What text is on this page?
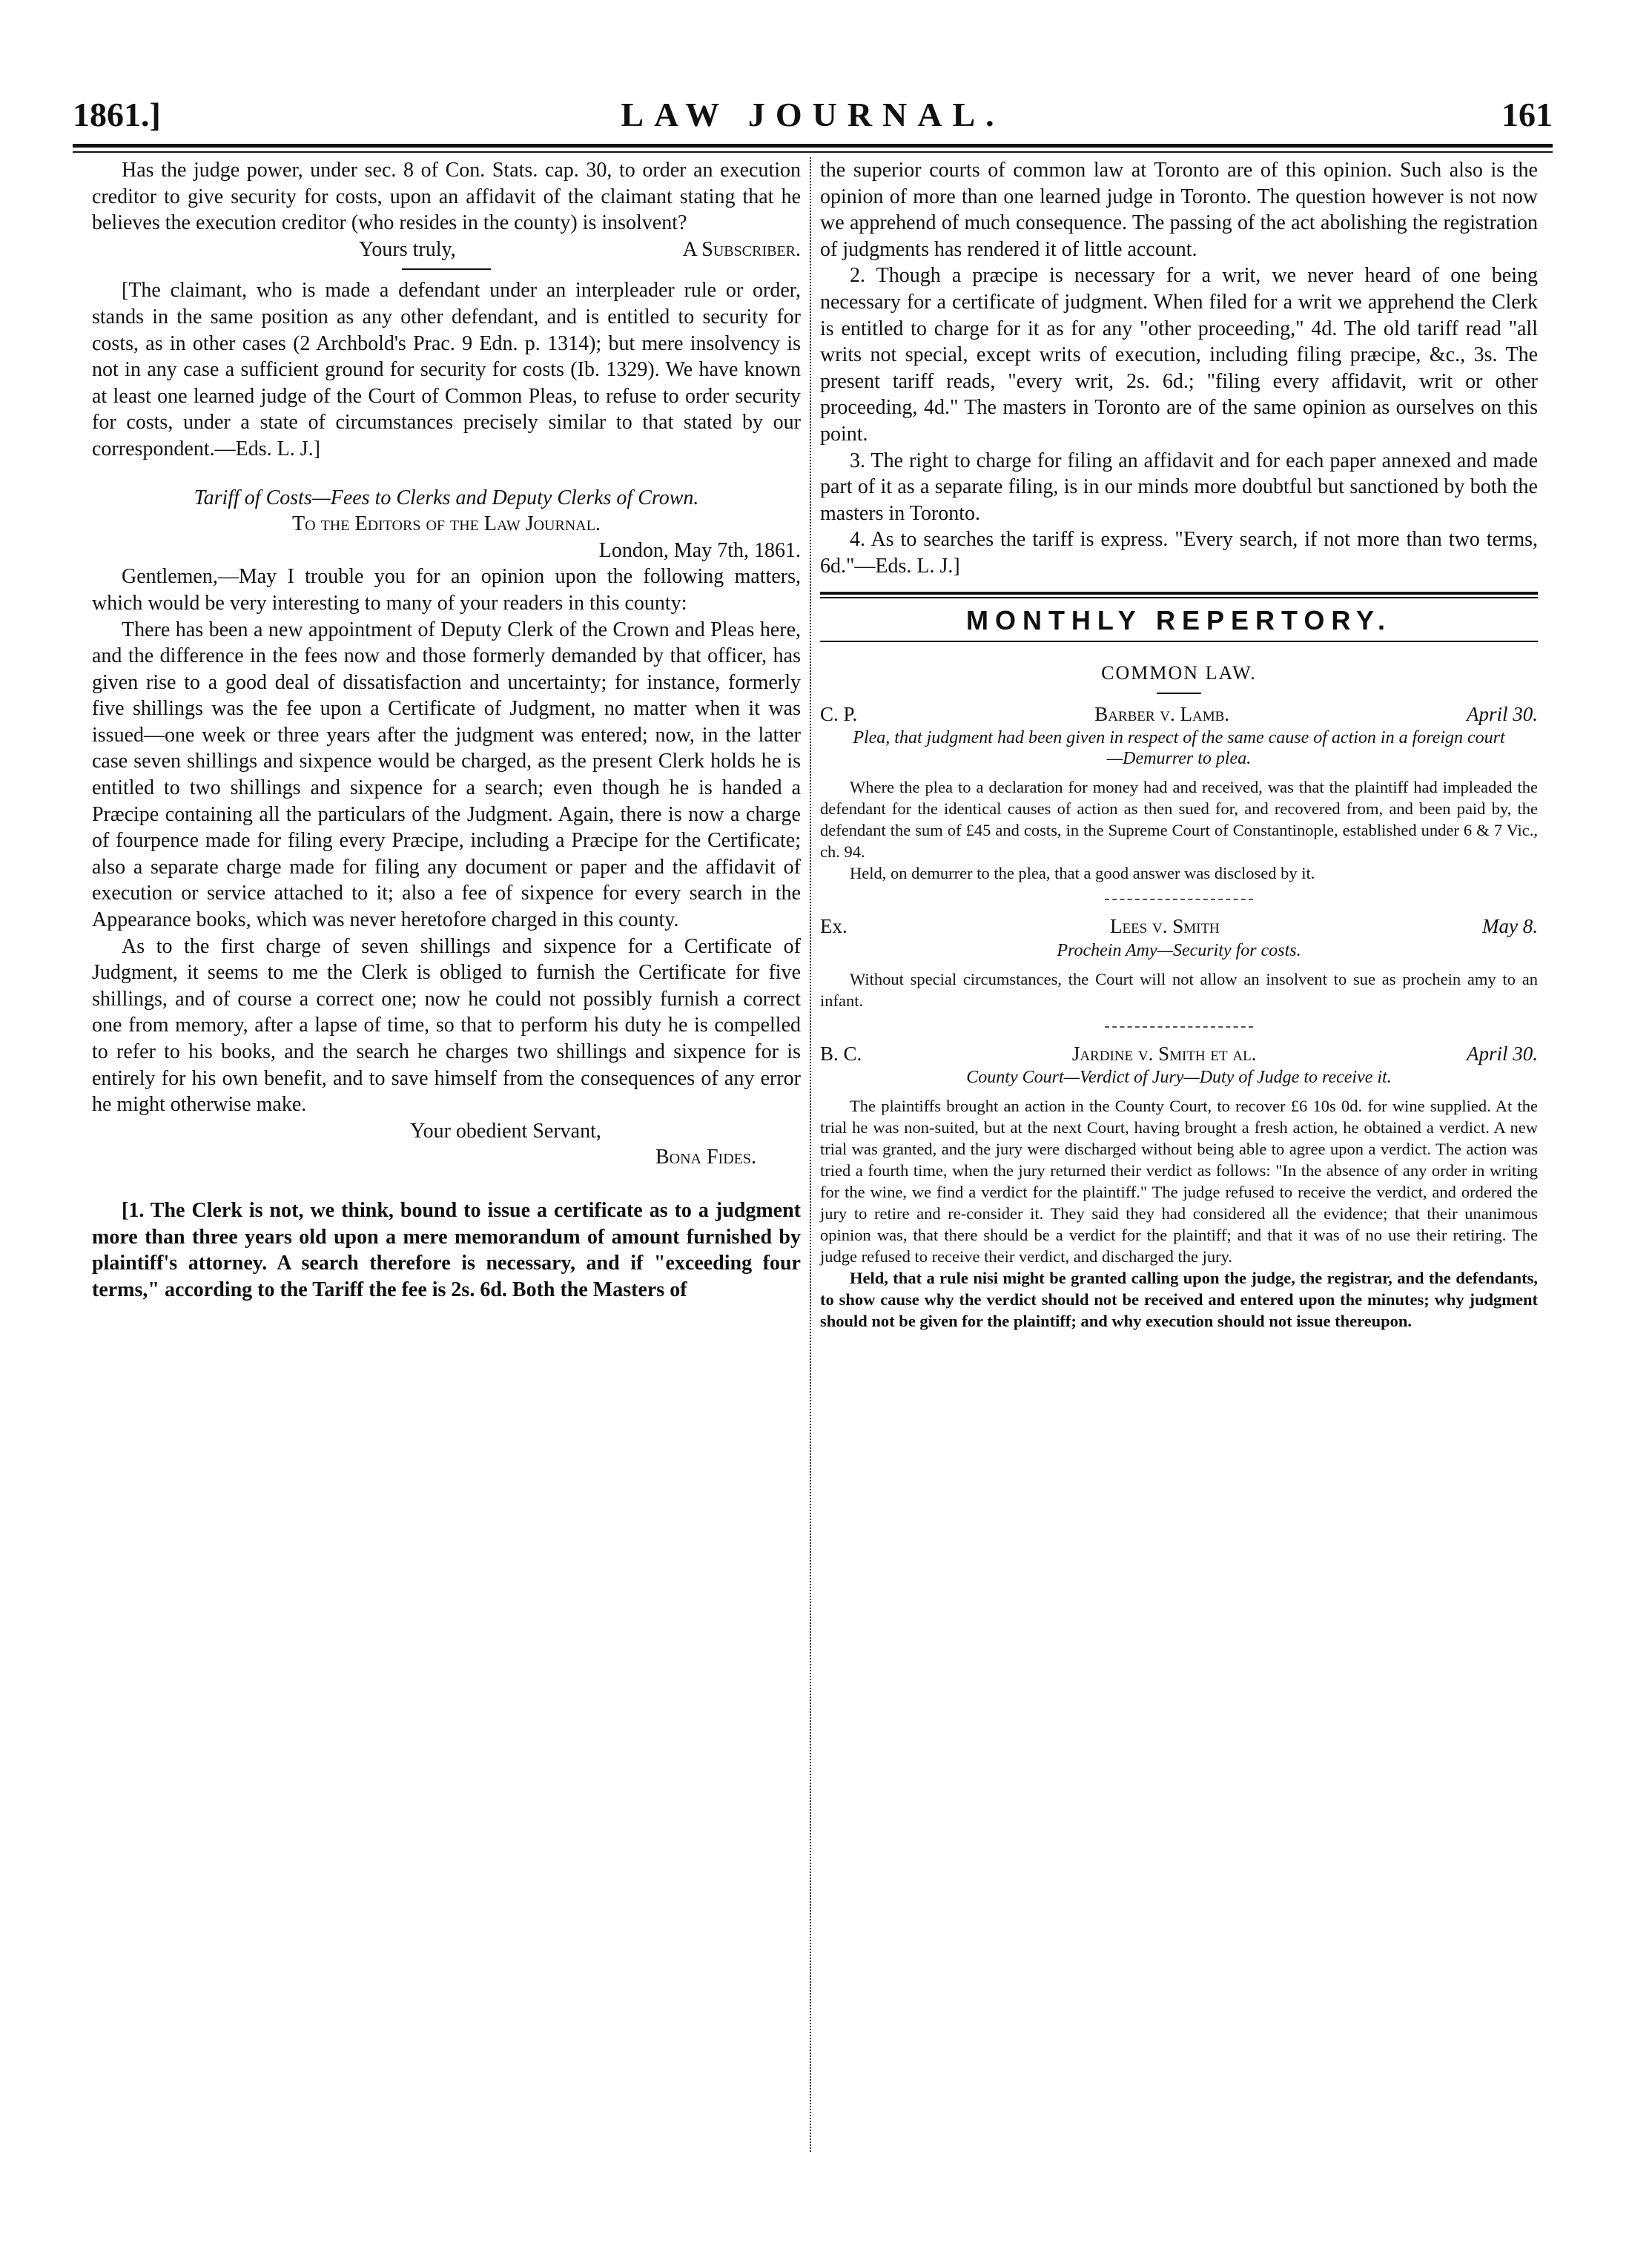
1861.]	LAW JOURNAL.	161

Has the judge power, under sec. 8 of Con. Stats. cap. 30, to order an execution creditor to give security for costs, upon an affidavit of the claimant stating that he believes the execution creditor (who resides in the county) is insolvent?

Yours truly,	A Subscriber.

[The claimant, who is made a defendant under an interpleader rule or order, stands in the same position as any other defendant, and is entitled to security for costs, as in other cases (2 Archbold's Prac. 9 Edn. p. 1314); but mere insolvency is not in any case a sufficient ground for security for costs (Ib. 1329). We have known at least one learned judge of the Court of Common Pleas, to refuse to order security for costs, under a state of circumstances precisely similar to that stated by our correspondent.—Eds. L. J.]

Tariff of Costs—Fees to Clerks and Deputy Clerks of Crown.

To the Editors of the Law Journal.

London, May 7th, 1861.

Gentlemen,—May I trouble you for an opinion upon the following matters, which would be very interesting to many of your readers in this county:

There has been a new appointment of Deputy Clerk of the Crown and Pleas here, and the difference in the fees now and those formerly demanded by that officer, has given rise to a good deal of dissatisfaction and uncertainty; for instance, formerly five shillings was the fee upon a Certificate of Judgment, no matter when it was issued—one week or three years after the judgment was entered; now, in the latter case seven shillings and sixpence would be charged, as the present Clerk holds he is entitled to two shillings and sixpence for a search; even though he is handed a Præcipe containing all the particulars of the Judgment. Again, there is now a charge of fourpence made for filing every Præcipe, including a Præcipe for the Certificate; also a separate charge made for filing any document or paper and the affidavit of execution or service attached to it; also a fee of sixpence for every search in the Appearance books, which was never heretofore charged in this county.

As to the first charge of seven shillings and sixpence for a Certificate of Judgment, it seems to me the Clerk is obliged to furnish the Certificate for five shillings, and of course a correct one; now he could not possibly furnish a correct one from memory, after a lapse of time, so that to perform his duty he is compelled to refer to his books, and the search he charges two shillings and sixpence for is entirely for his own benefit, and to save himself from the consequences of any error he might otherwise make.

Your obedient Servant,

Bona Fides.

[1. The Clerk is not, we think, bound to issue a certificate as to a judgment more than three years old upon a mere memorandum of amount furnished by plaintiff's attorney. A search therefore is necessary, and if "exceeding four terms," according to the Tariff the fee is 2s. 6d. Both the Masters of

the superior courts of common law at Toronto are of this opinion. Such also is the opinion of more than one learned judge in Toronto. The question however is not now we apprehend of much consequence. The passing of the act abolishing the registration of judgments has rendered it of little account.

2. Though a præcipe is necessary for a writ, we never heard of one being necessary for a certificate of judgment. When filed for a writ we apprehend the Clerk is entitled to charge for it as for any "other proceeding," 4d. The old tariff read "all writs not special, except writs of execution, including filing præcipe, &c., 3s. The present tariff reads, "every writ, 2s. 6d.; "filing every affidavit, writ or other proceeding, 4d." The masters in Toronto are of the same opinion as ourselves on this point.

3. The right to charge for filing an affidavit and for each paper annexed and made part of it as a separate filing, is in our minds more doubtful but sanctioned by both the masters in Toronto.

4. As to searches the tariff is express. "Every search, if not more than two terms, 6d."—Eds. L. J.]

MONTHLY REPERTORY.

COMMON LAW.

C. P.	Barber v. Lamb.	April 30.

Plea, that judgment had been given in respect of the same cause of action in a foreign court—Demurrer to plea.

Where the plea to a declaration for money had and received, was that the plaintiff had impleaded the defendant for the identical causes of action as then sued for, and recovered from, and been paid by, the defendant the sum of £45 and costs, in the Supreme Court of Constantinople, established under 6 & 7 Vic., ch. 94.

Held, on demurrer to the plea, that a good answer was disclosed by it.

Ex.	Lees v. Smith	May 8.

Prochein Amy—Security for costs.

Without special circumstances, the Court will not allow an insolvent to sue as prochein amy to an infant.

B. C.	Jardine v. Smith et al.	April 30.

County Court—Verdict of Jury—Duty of Judge to receive it.

The plaintiffs brought an action in the County Court, to recover £6 10s 0d. for wine supplied. At the trial he was non-suited, but at the next Court, having brought a fresh action, he obtained a verdict. A new trial was granted, and the jury were discharged without being able to agree upon a verdict. The action was tried a fourth time, when the jury returned their verdict as follows: "In the absence of any order in writing for the wine, we find a verdict for the plaintiff." The judge refused to receive the verdict, and ordered the jury to retire and re-consider it. They said they had considered all the evidence; that their unanimous opinion was, that there should be a verdict for the plaintiff; and that it was of no use their retiring. The judge refused to receive their verdict, and discharged the jury.

Held, that a rule nisi might be granted calling upon the judge, the registrar, and the defendants, to show cause why the verdict should not be received and entered upon the minutes; why judgment should not be given for the plaintiff; and why execution should not issue thereupon.
